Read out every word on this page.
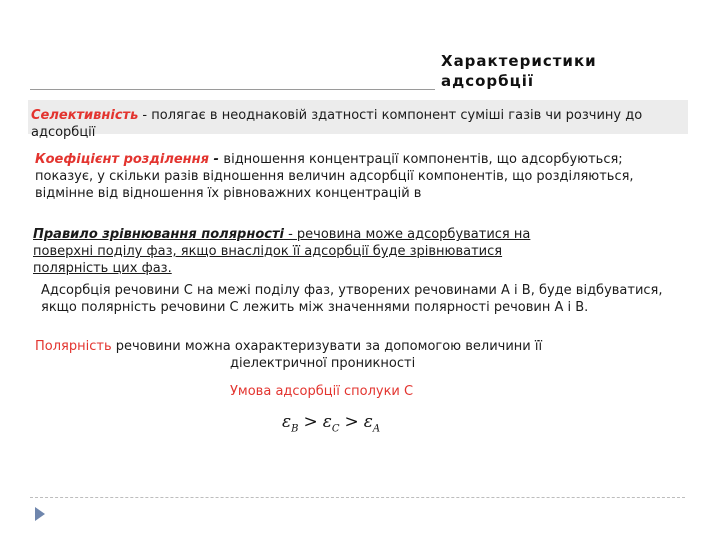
Характеристики
адсорбції
Селективність - полягає в неоднаковій здатності компонент суміші газів чи розчину до адсорбції
Коефіцієнт розділення - відношення концентрації компонентів, що адсорбуються;
показує, у скільки разів відношення величин адсорбції компонентів, що розділяються, відмінне від відношення їх рівноважних концентрацій в
Правило зрівнювання полярності - речовина може адсорбуватися на
поверхні поділу фаз, якщо внаслідок її адсорбції буде зрівнюватися
полярність цих фаз.
Адсорбція речовини С на межі поділу фаз, утворених речовинами А і В, буде відбуватися, якщо полярність речовини С лежить між значеннями полярності речовин А і В.
Полярність речовини можна охарактеризувати за допомогою величини її
діелектричної проникності
Умова адсорбції сполуки С
$\varepsilon_B > \varepsilon_C > \varepsilon_A$
